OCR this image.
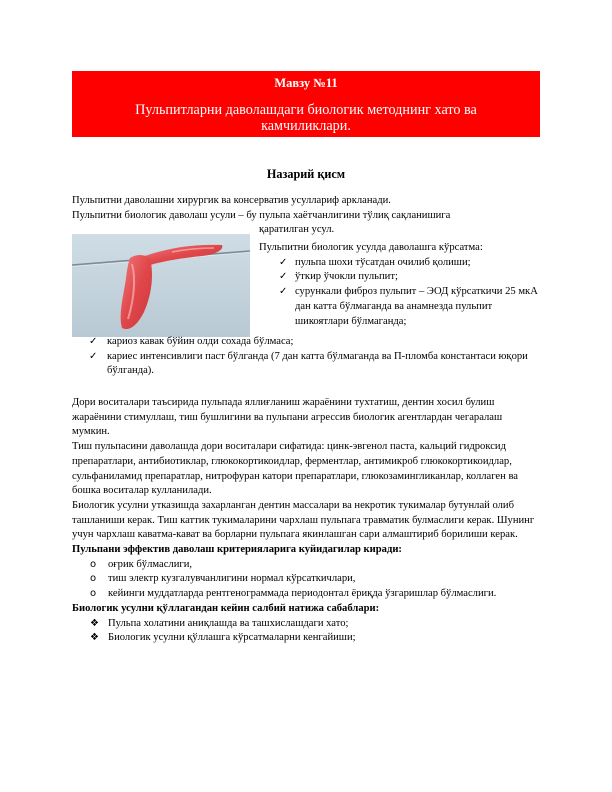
Мавзу №11
Пульпитларни даволашдаги биологик методнинг хато ва камчиликлари.
Назарий қисм

Пульпитни даволашни хирургик ва консерватив усуллариф аркланади.

Пульпитни биологик даволаш усули – бу пульпа хаётчанлигини тўлиқ сақланишига

қаратилган усул.

Пульпитни биологик усулда даволашга кўрсатма:

✓ пульпа шохи тўсатдан очилиб қолиши;
✓ ўткир ўчокли пульпит;
✓ сурункали фиброз пульпит – ЭОД кўрсаткичи 25 мкА дан катта бўлмаганда ва анамнезда пульпит шикоятлари бўлмаганда;
✓ кариоз кавак бўйин олди сохада бўлмаса;
✓ кариес интенсивлиги паст бўлганда (7 дан катта бўлмаганда ва П-пломба константаси юқори бўлганда).

Дори воситалари таъсирида пульпада яллиғланиш жараёнини тухтатиш, дентин хосил булиш жараёнини стимуллаш, тиш бушлигини ва пульпани агрессив биологик агентлардан чегаралаш мумкин.

Тиш пульпасини даволашда дори воситалари сифатида: цинк-эвгенол паста, кальций гидроксид препаратлари, антибиотиклар, глюкокортикоидлар, ферментлар, антимикроб глюкокортикоидлар, сульфаниламид препаратлар, нитрофуран катори препаратлари, глюкозамингликанлар, коллаген ва бошка воситалар кулланилади.

Биологик усулни утказишда захарланган дентин массалари ва некротик тукималар бутунлай олиб ташланиши керак. Тиш каттик тукималарини чархлаш пульпага травматик булмаслиги керак. Шунинг учун чархлаш каватма-кават ва борларни пульпага якинлашган сари алмаштириб борилиши керак.

Пульпани эффектив даволаш критерияларига куйидагилар киради:

o оғрик бўлмаслиги,
o тиш электр кузгалувчанлигини нормал кўрсаткичлари,
o кейинги муддатларда рентгенограммада периодонтал ёриқда ўзгаришлар бўлмаслиги.

Биологик усулни қўллагандан кейин салбий натижа сабаблари:

❖ Пульпа холатини аниқлашда ва ташхислашдаги хато;
❖ Биологик усулни қўллашга кўрсатмаларни кенгайиши;
